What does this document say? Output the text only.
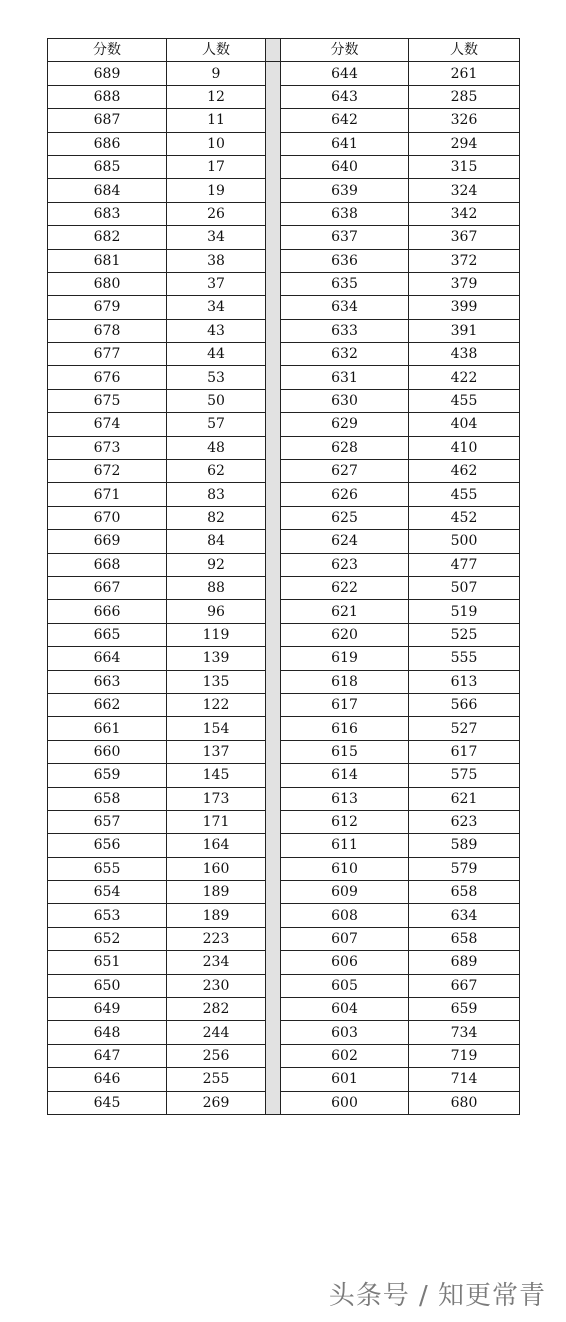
分数	人数		分数	人数
689	9		644	261
688	12		643	285
687	11		642	326
686	10		641	294
685	17		640	315
684	19		639	324
683	26		638	342
682	34		637	367
681	38		636	372
680	37		635	379
679	34		634	399
678	43		633	391
677	44		632	438
676	53		631	422
675	50		630	455
674	57		629	404
673	48		628	410
672	62		627	462
671	83		626	455
670	82		625	452
669	84		624	500
668	92		623	477
667	88		622	507
666	96		621	519
665	119		620	525
664	139		619	555
663	135		618	613
662	122		617	566
661	154		616	527
660	137		615	617
659	145		614	575
658	173		613	621
657	171		612	623
656	164		611	589
655	160		610	579
654	189		609	658
653	189		608	634
652	223		607	658
651	234		606	689
650	230		605	667
649	282		604	659
648	244		603	734
647	256		602	719
646	255		601	714
645	269		600	680
头条号 / 知更常青
